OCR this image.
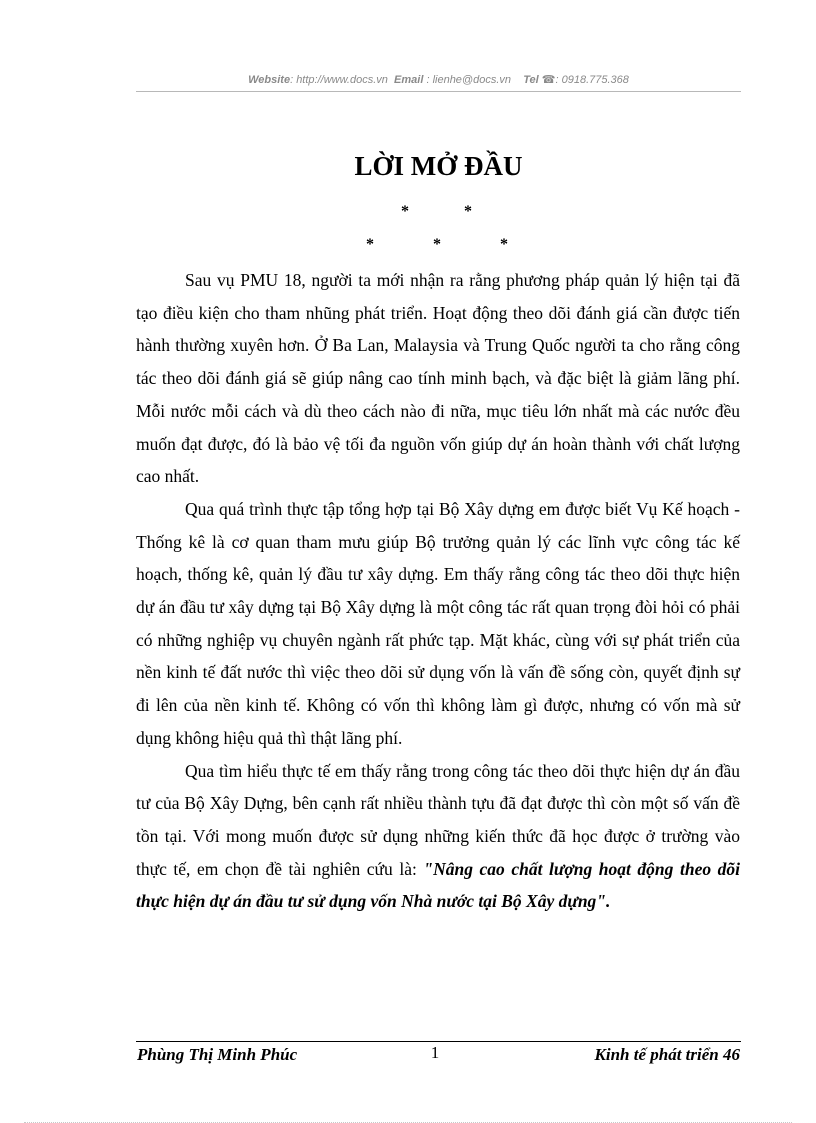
Website: http://www.docs.vn Email : lienhe@docs.vn Tel ☎: 0918.775.368
LỜI MỞ ĐẦU
*	*
*	*	*

Sau vụ PMU 18, người ta mới nhận ra rằng phương pháp quản lý hiện tại đã tạo điều kiện cho tham nhũng phát triển. Hoạt động theo dõi đánh giá cần được tiến hành thường xuyên hơn. Ở Ba Lan, Malaysia và Trung Quốc người ta cho rằng công tác theo dõi đánh giá sẽ giúp nâng cao tính minh bạch, và đặc biệt là giảm lãng phí. Mỗi nước mỗi cách và dù theo cách nào đi nữa, mục tiêu lớn nhất mà các nước đều muốn đạt được, đó là bảo vệ tối đa nguồn vốn giúp dự án hoàn thành với chất lượng cao nhất.

Qua quá trình thực tập tổng hợp tại Bộ Xây dựng em được biết Vụ Kế hoạch - Thống kê là cơ quan tham mưu giúp Bộ trưởng quản lý các lĩnh vực công tác kế hoạch, thống kê, quản lý đầu tư xây dựng. Em thấy rằng công tác theo dõi thực hiện dự án đầu tư xây dựng tại Bộ Xây dựng là một công tác rất quan trọng đòi hỏi có phải có những nghiệp vụ chuyên ngành rất phức tạp. Mặt khác, cùng với sự phát triển của nền kinh tế đất nước thì việc theo dõi sử dụng vốn là vấn đề sống còn, quyết định sự đi lên của nền kinh tế. Không có vốn thì không làm gì được, nhưng có vốn mà sử dụng không hiệu quả thì thật lãng phí.

Qua tìm hiểu thực tế em thấy rằng trong công tác theo dõi thực hiện dự án đầu tư của Bộ Xây Dựng, bên cạnh rất nhiều thành tựu đã đạt được thì còn một số vấn đề tồn tại. Với mong muốn được sử dụng những kiến thức đã học được ở trường vào thực tế, em chọn đề tài nghiên cứu là: "Nâng cao chất lượng hoạt động theo dõi thực hiện dự án đầu tư sử dụng vốn Nhà nước tại Bộ Xây dựng".

Phùng Thị Minh Phúc	1	Kinh tế phát triển 46
